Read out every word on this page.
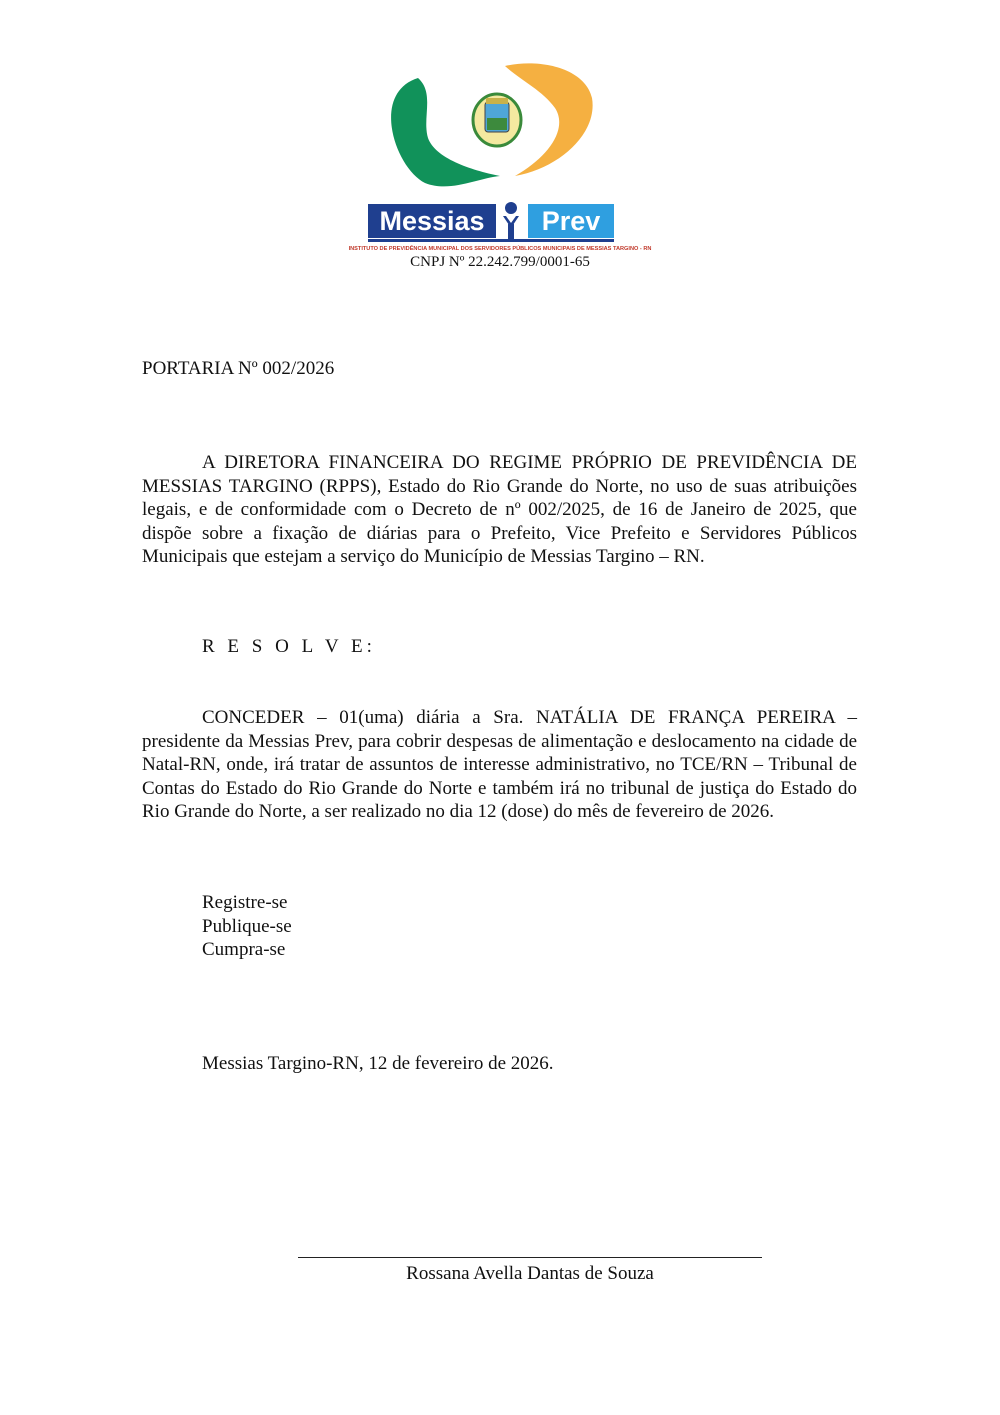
Messias Prev
INSTITUTO DE PREVIDÊNCIA MUNICIPAL DOS SERVIDORES PÚBLICOS MUNICIPAIS DE MESSIAS TARGINO - RN
CNPJ Nº 22.242.799/0001-65
PORTARIA Nº 002/2026
A DIRETORA FINANCEIRA DO REGIME PRÓPRIO DE PREVIDÊNCIA DE MESSIAS TARGINO (RPPS), Estado do Rio Grande do Norte, no uso de suas atribuições legais, e de conformidade com o Decreto de nº 002/2025, de 16 de Janeiro de 2025, que dispõe sobre a fixação de diárias para o Prefeito, Vice Prefeito e Servidores Públicos Municipais que estejam a serviço do Município de Messias Targino – RN.
R E S O L V E:
CONCEDER – 01(uma) diária a Sra. NATÁLIA DE FRANÇA PEREIRA – presidente da Messias Prev, para cobrir despesas de alimentação e deslocamento na cidade de Natal-RN, onde, irá tratar de assuntos de interesse administrativo, no TCE/RN – Tribunal de Contas do Estado do Rio Grande do Norte e também irá no tribunal de justiça do Estado do Rio Grande do Norte, a ser realizado no dia 12 (dose) do mês de fevereiro de 2026.
Registre-se
Publique-se
Cumpra-se
Messias Targino-RN, 12 de fevereiro de 2026.
Rossana Avella Dantas de Souza
